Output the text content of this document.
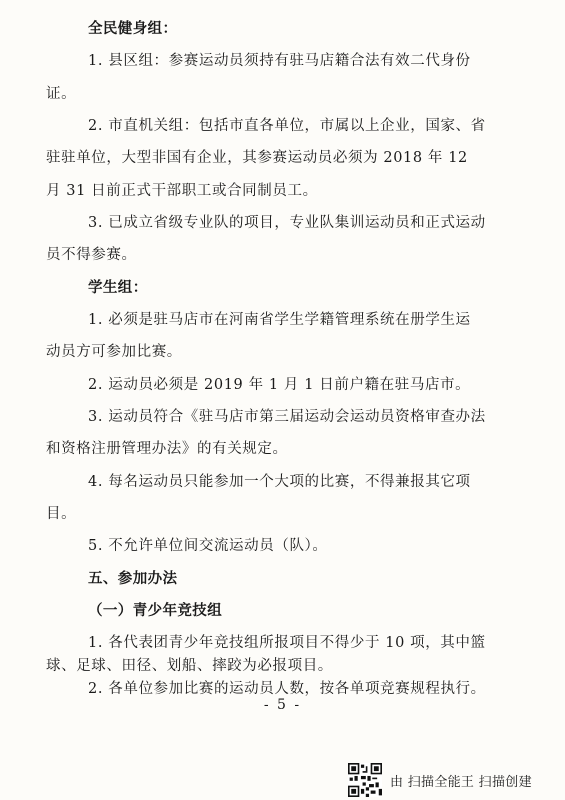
全民健身组：
1. 县区组：参赛运动员须持有驻马店籍合法有效二代身份
证。
2. 市直机关组：包括市直各单位，市属以上企业，国家、省
驻驻单位，大型非国有企业，其参赛运动员必须为 2018 年 12
月 31 日前正式干部职工或合同制员工。
3. 已成立省级专业队的项目，专业队集训运动员和正式运动
员不得参赛。
学生组：
1. 必须是驻马店市在河南省学生学籍管理系统在册学生运
动员方可参加比赛。
2. 运动员必须是 2019 年 1 月 1 日前户籍在驻马店市。
3. 运动员符合《驻马店市第三届运动会运动员资格审查办法
和资格注册管理办法》的有关规定。
4. 每名运动员只能参加一个大项的比赛，不得兼报其它项
目。
5. 不允许单位间交流运动员（队）。
五、参加办法
（一）青少年竞技组
1. 各代表团青少年竞技组所报项目不得少于 10 项，其中篮
球、足球、田径、划船、摔跤为必报项目。
2. 各单位参加比赛的运动员人数，按各单项竞赛规程执行。
- 5 -
由 扫描全能王 扫描创建
